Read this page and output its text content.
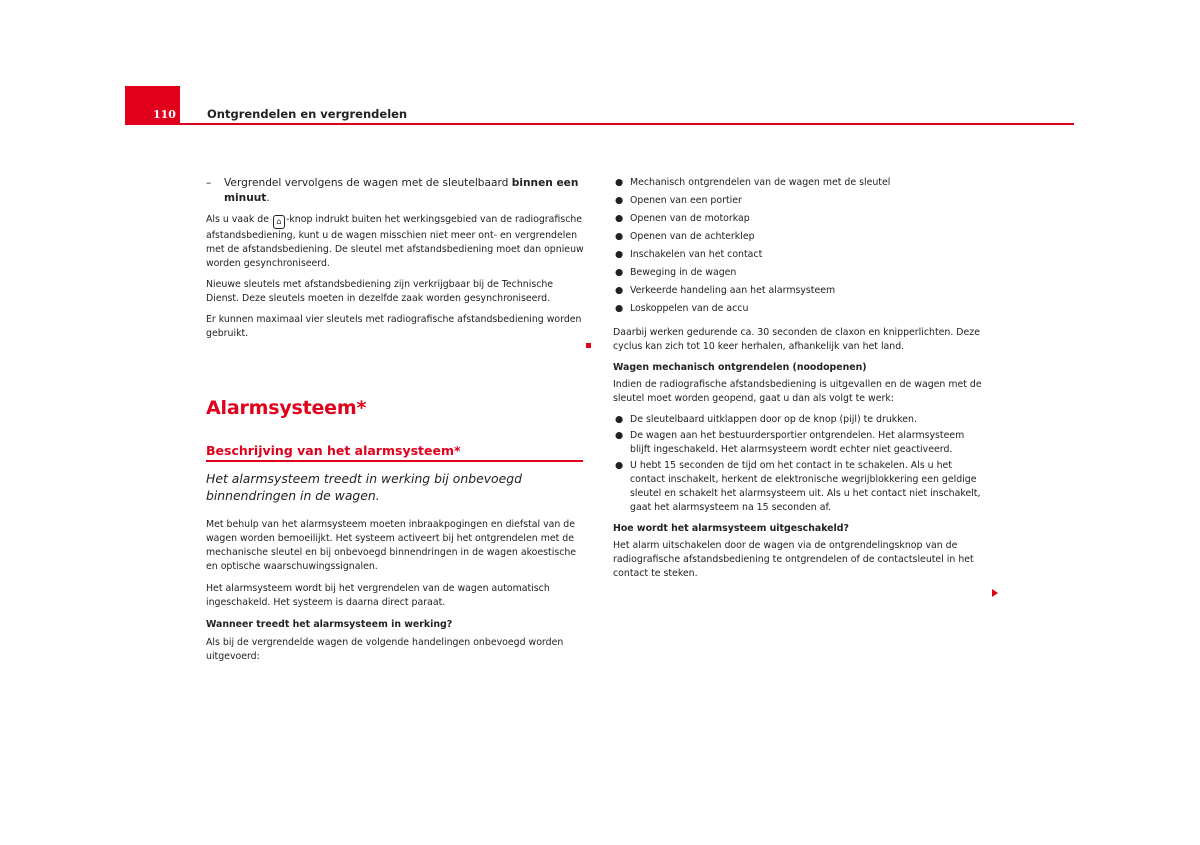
110	Ontgrendelen en vergrendelen
– Vergrendel vervolgens de wagen met de sleutelbaard binnen een minuut.

Als u vaak de ⌂ -knop indrukt buiten het werkingsgebied van de radiografische afstandsbediening, kunt u de wagen misschien niet meer ont- en vergrendelen met de afstandsbediening. De sleutel met afstandsbediening moet dan opnieuw worden gesynchroniseerd.

Nieuwe sleutels met afstandsbediening zijn verkrijgbaar bij de Technische Dienst. Deze sleutels moeten in dezelfde zaak worden gesynchroniseerd.

Er kunnen maximaal vier sleutels met radiografische afstandsbediening worden gebruikt.

Alarmsysteem*
Beschrijving van het alarmsysteem*

Het alarmsysteem treedt in werking bij onbevoegd binnendringen in de wagen.

Met behulp van het alarmsysteem moeten inbraakpogingen en diefstal van de wagen worden bemoeilijkt. Het systeem activeert bij het ontgrendelen met de mechanische sleutel en bij onbevoegd binnendringen in de wagen akoestische en optische waarschuwingssignalen.

Het alarmsysteem wordt bij het vergrendelen van de wagen automatisch ingeschakeld. Het systeem is daarna direct paraat.

Wanneer treedt het alarmsysteem in werking?

Als bij de vergrendelde wagen de volgende handelingen onbevoegd worden uitgevoerd:

● Mechanisch ontgrendelen van de wagen met de sleutel
● Openen van een portier
● Openen van de motorkap
● Openen van de achterklep
● Inschakelen van het contact
● Beweging in de wagen
● Verkeerde handeling aan het alarmsysteem
● Loskoppelen van de accu

Daarbij werken gedurende ca. 30 seconden de claxon en knipperlichten. Deze cyclus kan zich tot 10 keer herhalen, afhankelijk van het land.

Wagen mechanisch ontgrendelen (noodopenen)

Indien de radiografische afstandsbediening is uitgevallen en de wagen met de sleutel moet worden geopend, gaat u dan als volgt te werk:

● De sleutelbaard uitklappen door op de knop (pijl) te drukken.

● De wagen aan het bestuurdersportier ontgrendelen. Het alarmsysteem blijft ingeschakeld. Het alarmsysteem wordt echter niet geactiveerd.

● U hebt 15 seconden de tijd om het contact in te schakelen. Als u het contact inschakelt, herkent de elektronische wegrijblokkering een geldige sleutel en schakelt het alarmsysteem uit. Als u het contact niet inschakelt, gaat het alarmsysteem na 15 seconden af.

Hoe wordt het alarmsysteem uitgeschakeld?

Het alarm uitschakelen door de wagen via de ontgrendelingsknop van de radiografische afstandsbediening te ontgrendelen of de contactsleutel in het contact te steken.
